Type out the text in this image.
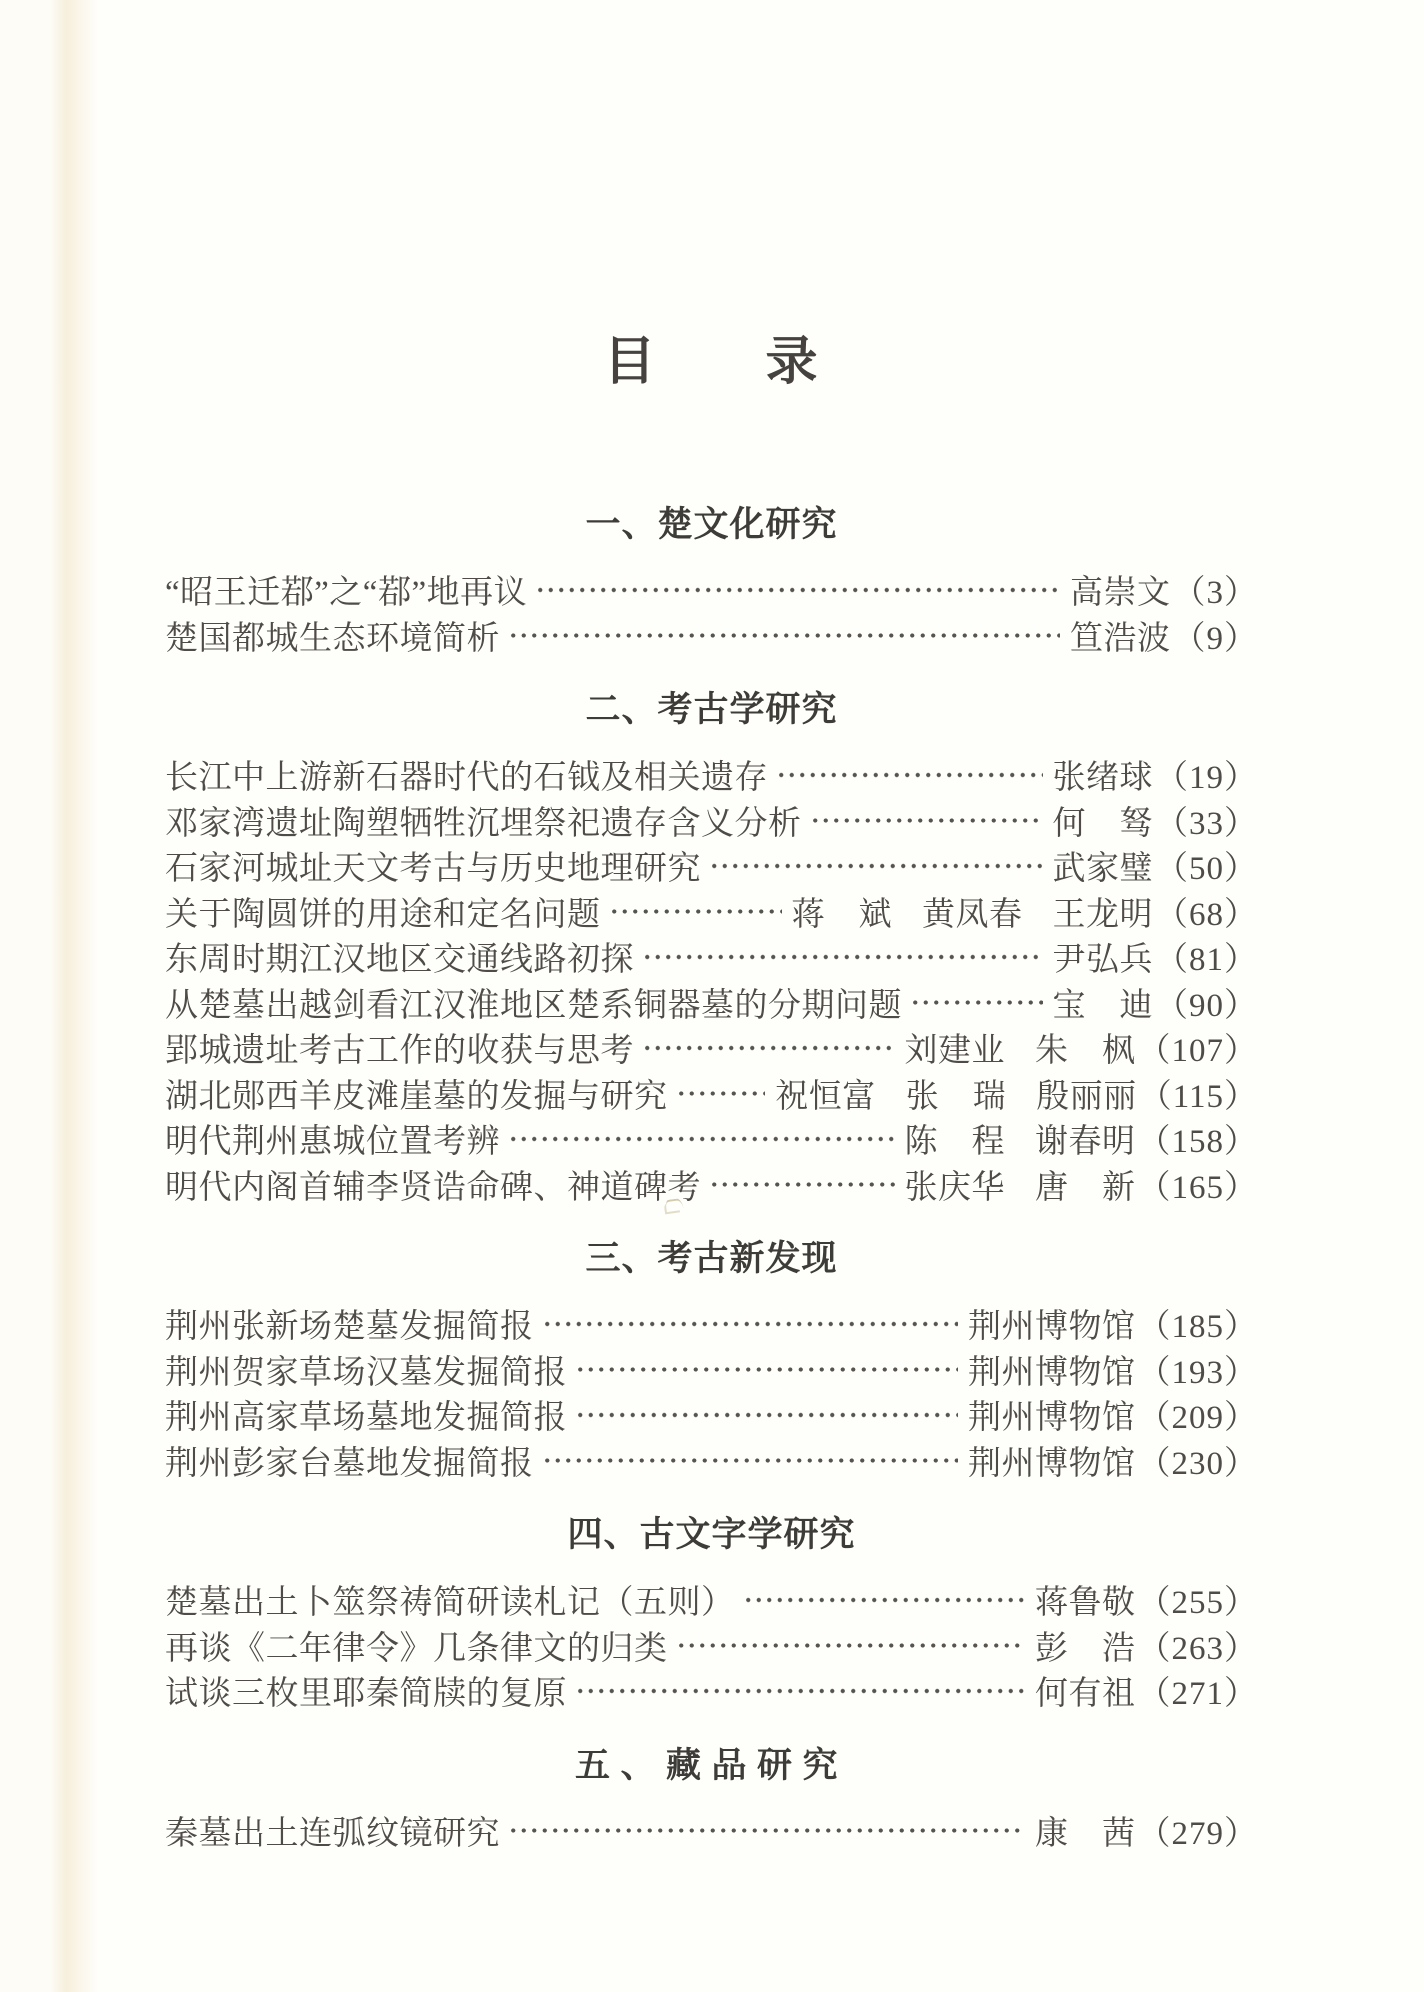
目　　录
一、楚文化研究
“昭王迁鄀”之“鄀”地再议	高崇文 （3）
楚国都城生态环境简析	笪浩波 （9）
二、考古学研究
长江中上游新石器时代的石钺及相关遗存	张绪球 （19）
邓家湾遗址陶塑牺牲沉埋祭祀遗存含义分析	何　驽 （33）
石家河城址天文考古与历史地理研究	武家璧 （50）
关于陶圆饼的用途和定名问题	蒋　斌 黄凤春 王龙明 （68）
东周时期江汉地区交通线路初探	尹弘兵 （81）
从楚墓出越剑看江汉淮地区楚系铜器墓的分期问题	宝　迪 （90）
郢城遗址考古工作的收获与思考	刘建业 朱　枫 （107）
湖北郧西羊皮滩崖墓的发掘与研究	祝恒富 张　瑞 殷丽丽 （115）
明代荆州惠城位置考辨	陈　程 谢春明 （158）
明代内阁首辅李贤诰命碑、神道碑考	张庆华 唐　新 （165）
三、考古新发现
荆州张新场楚墓发掘简报	荆州博物馆 （185）
荆州贺家草场汉墓发掘简报	荆州博物馆 （193）
荆州高家草场墓地发掘简报	荆州博物馆 （209）
荆州彭家台墓地发掘简报	荆州博物馆 （230）
四、古文字学研究
楚墓出土卜筮祭祷简研读札记（五则）	蒋鲁敬 （255）
再谈《二年律令》几条律文的归类	彭　浩 （263）
试谈三枚里耶秦简牍的复原	何有祖 （271）
五、藏品研究
秦墓出土连弧纹镜研究	康　茜 （279）
